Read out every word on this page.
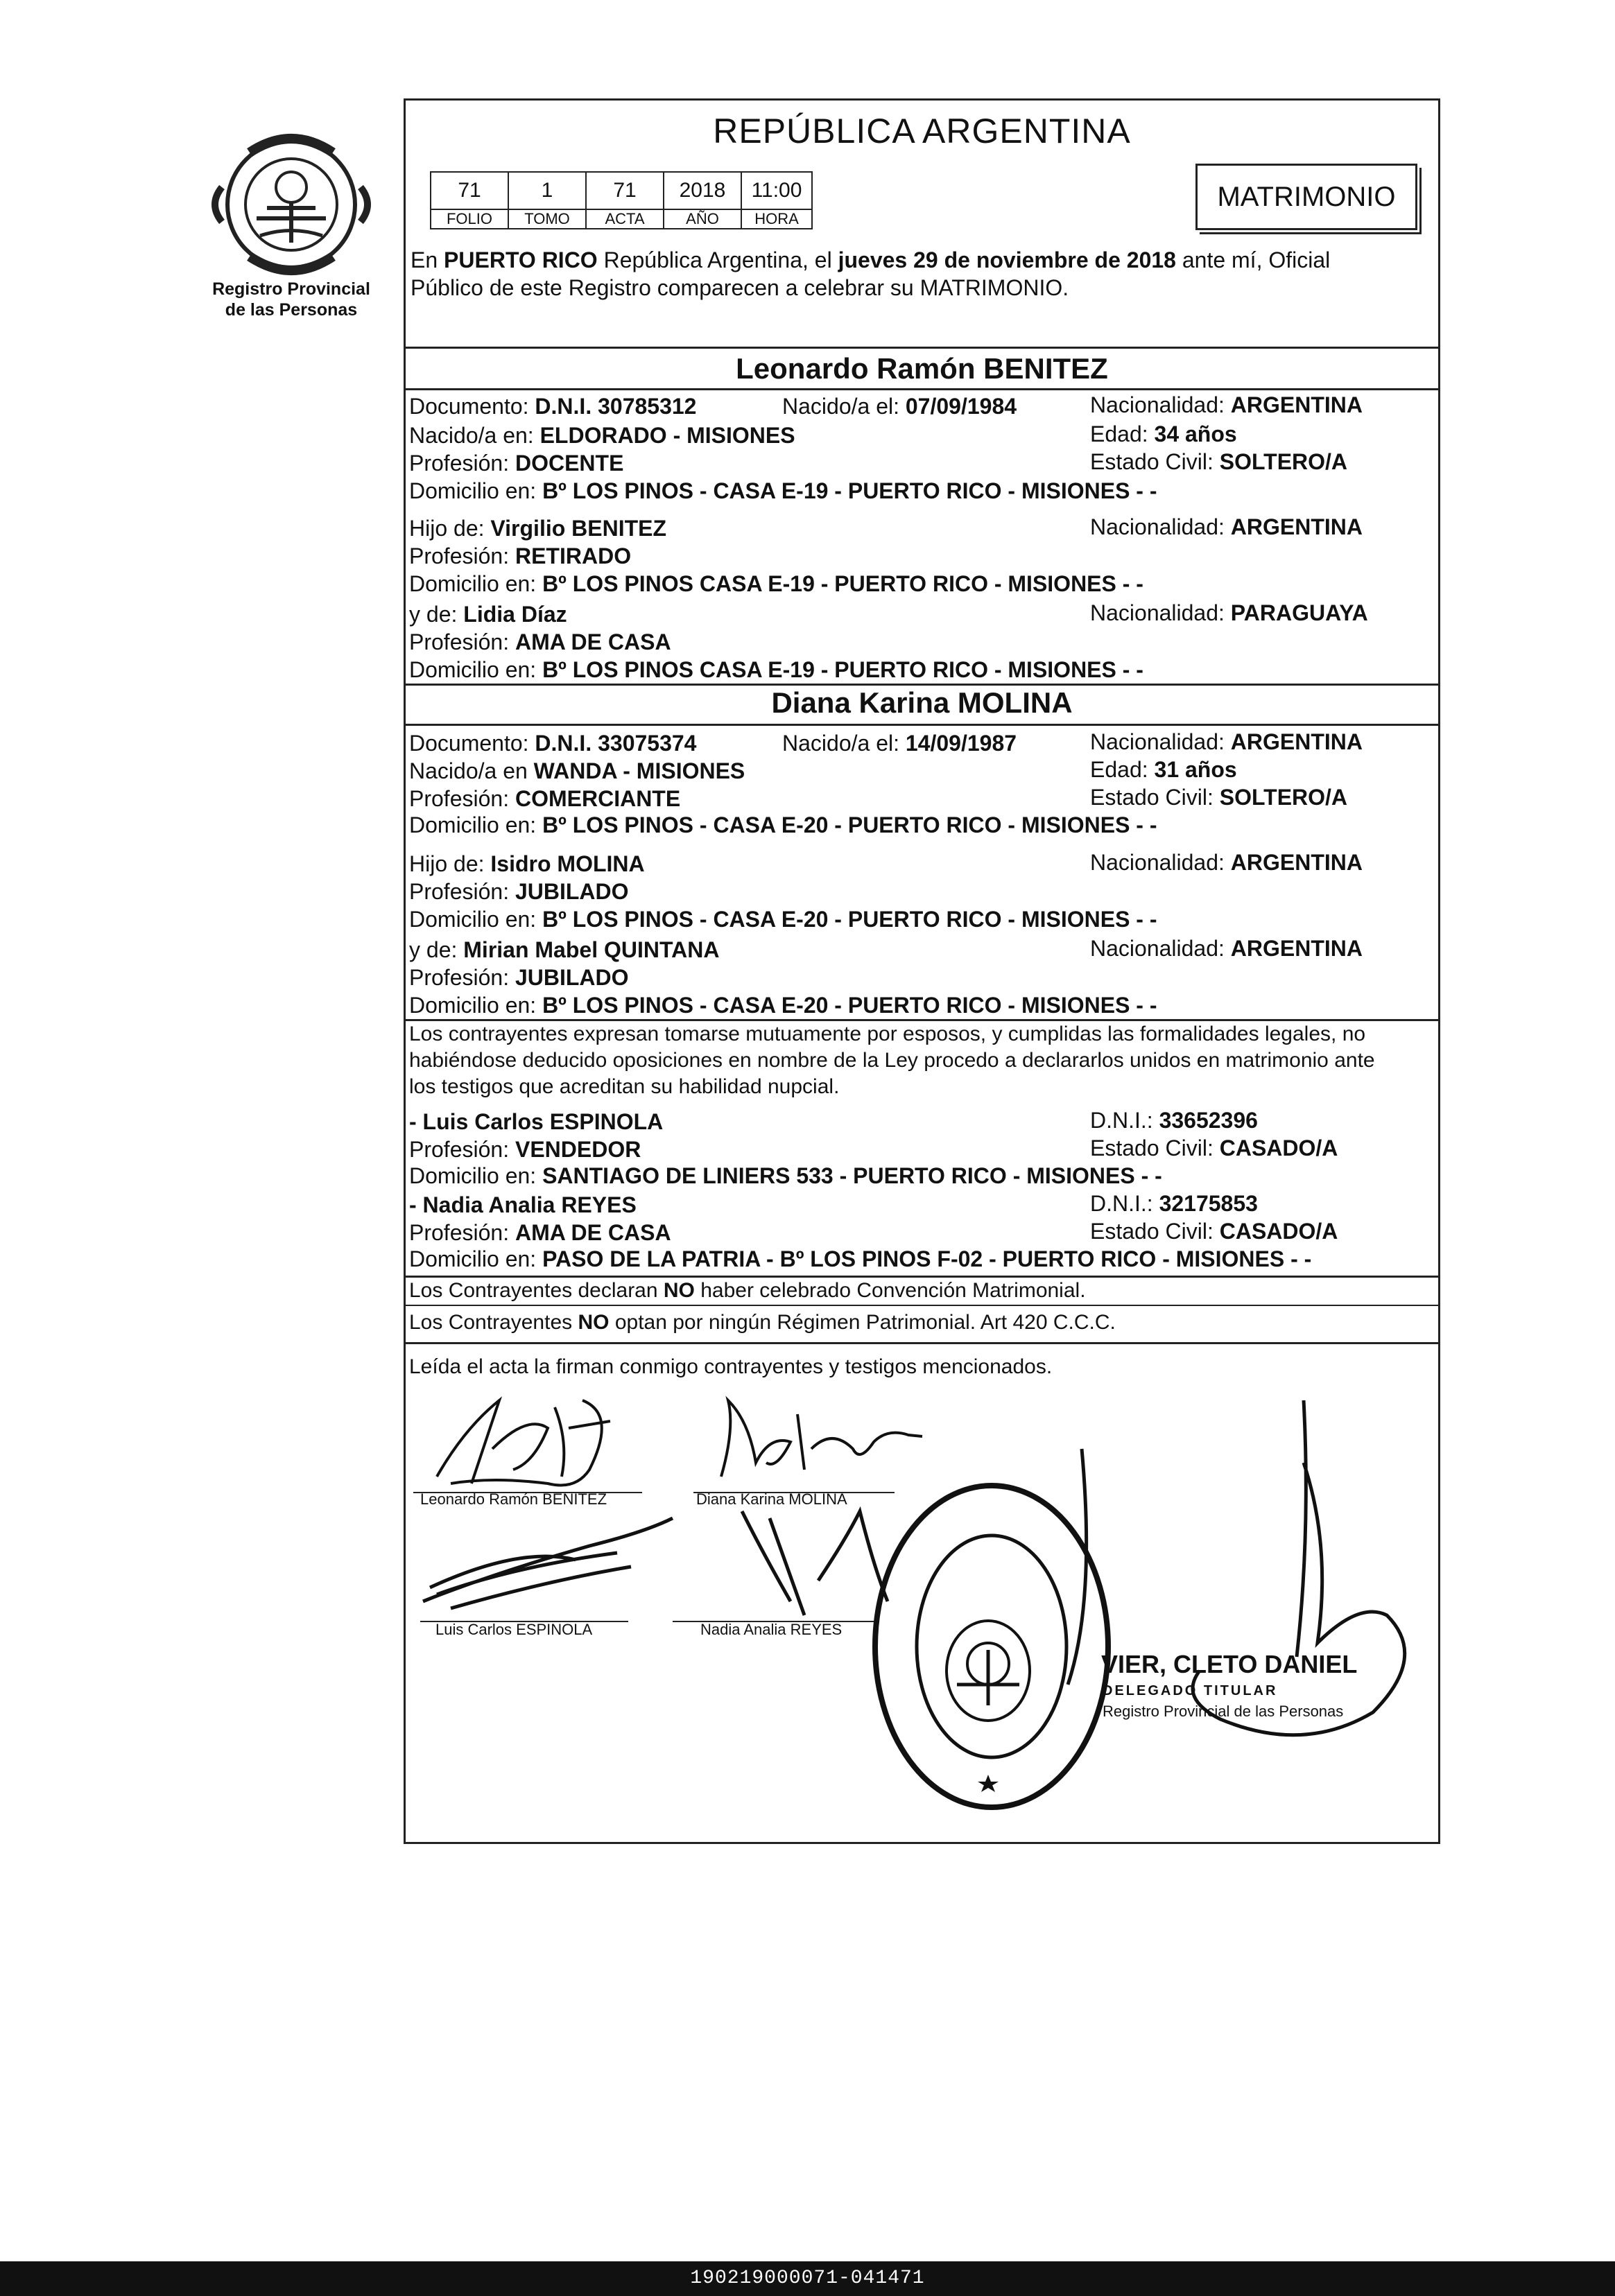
Registro Provincial
de las Personas
REPÚBLICA ARGENTINA
71	1	71	2018	11:00
FOLIO	TOMO	ACTA	AÑO	HORA
MATRIMONIO
En PUERTO RICO República Argentina, el jueves 29 de noviembre de 2018 ante mí, Oficial
Público de este Registro comparecen a celebrar su MATRIMONIO.
Leonardo Ramón BENITEZ
Documento: D.N.I. 30785312	Nacido/a el: 07/09/1984	Nacionalidad: ARGENTINA
Nacido/a en: ELDORADO - MISIONES	Edad: 34 años
Profesión: DOCENTE	Estado Civil: SOLTERO/A
Domicilio en: Bº LOS PINOS - CASA E-19 - PUERTO RICO - MISIONES - -
Hijo de: Virgilio BENITEZ	Nacionalidad: ARGENTINA
Profesión: RETIRADO
Domicilio en: Bº LOS PINOS CASA E-19 - PUERTO RICO - MISIONES - -
y de: Lidia Díaz	Nacionalidad: PARAGUAYA
Profesión: AMA DE CASA
Domicilio en: Bº LOS PINOS CASA E-19 - PUERTO RICO - MISIONES - -
Diana Karina MOLINA
Documento: D.N.I. 33075374	Nacido/a el: 14/09/1987	Nacionalidad: ARGENTINA
Nacido/a en WANDA - MISIONES	Edad: 31 años
Profesión: COMERCIANTE	Estado Civil: SOLTERO/A
Domicilio en: Bº LOS PINOS - CASA E-20 - PUERTO RICO - MISIONES - -
Hijo de: Isidro MOLINA	Nacionalidad: ARGENTINA
Profesión: JUBILADO
Domicilio en: Bº LOS PINOS - CASA E-20 - PUERTO RICO - MISIONES - -
y de: Mirian Mabel QUINTANA	Nacionalidad: ARGENTINA
Profesión: JUBILADO
Domicilio en: Bº LOS PINOS - CASA E-20 - PUERTO RICO - MISIONES - -
Los contrayentes expresan tomarse mutuamente por esposos, y cumplidas las formalidades legales, no
habiéndose deducido oposiciones en nombre de la Ley procedo a declararlos unidos en matrimonio ante
los testigos que acreditan su habilidad nupcial.
- Luis Carlos ESPINOLA	D.N.I.: 33652396
Profesión: VENDEDOR	Estado Civil: CASADO/A
Domicilio en: SANTIAGO DE LINIERS 533 - PUERTO RICO - MISIONES - -
- Nadia Analia REYES	D.N.I.: 32175853
Profesión: AMA DE CASA	Estado Civil: CASADO/A
Domicilio en: PASO DE LA PATRIA - Bº LOS PINOS F-02 - PUERTO RICO - MISIONES - -
Los Contrayentes declaran NO haber celebrado Convención Matrimonial.
Los Contrayentes NO optan por ningún Régimen Patrimonial. Art 420 C.C.C.
Leída el acta la firman conmigo contrayentes y testigos mencionados.
Leonardo Ramón BENITEZ	Diana Karina MOLINA
Luis Carlos ESPINOLA	Nadia Analia REYES
VIER, CLETO DANIEL
DELEGADO TITULAR
Registro Provincial de las Personas
190219000071-041471
